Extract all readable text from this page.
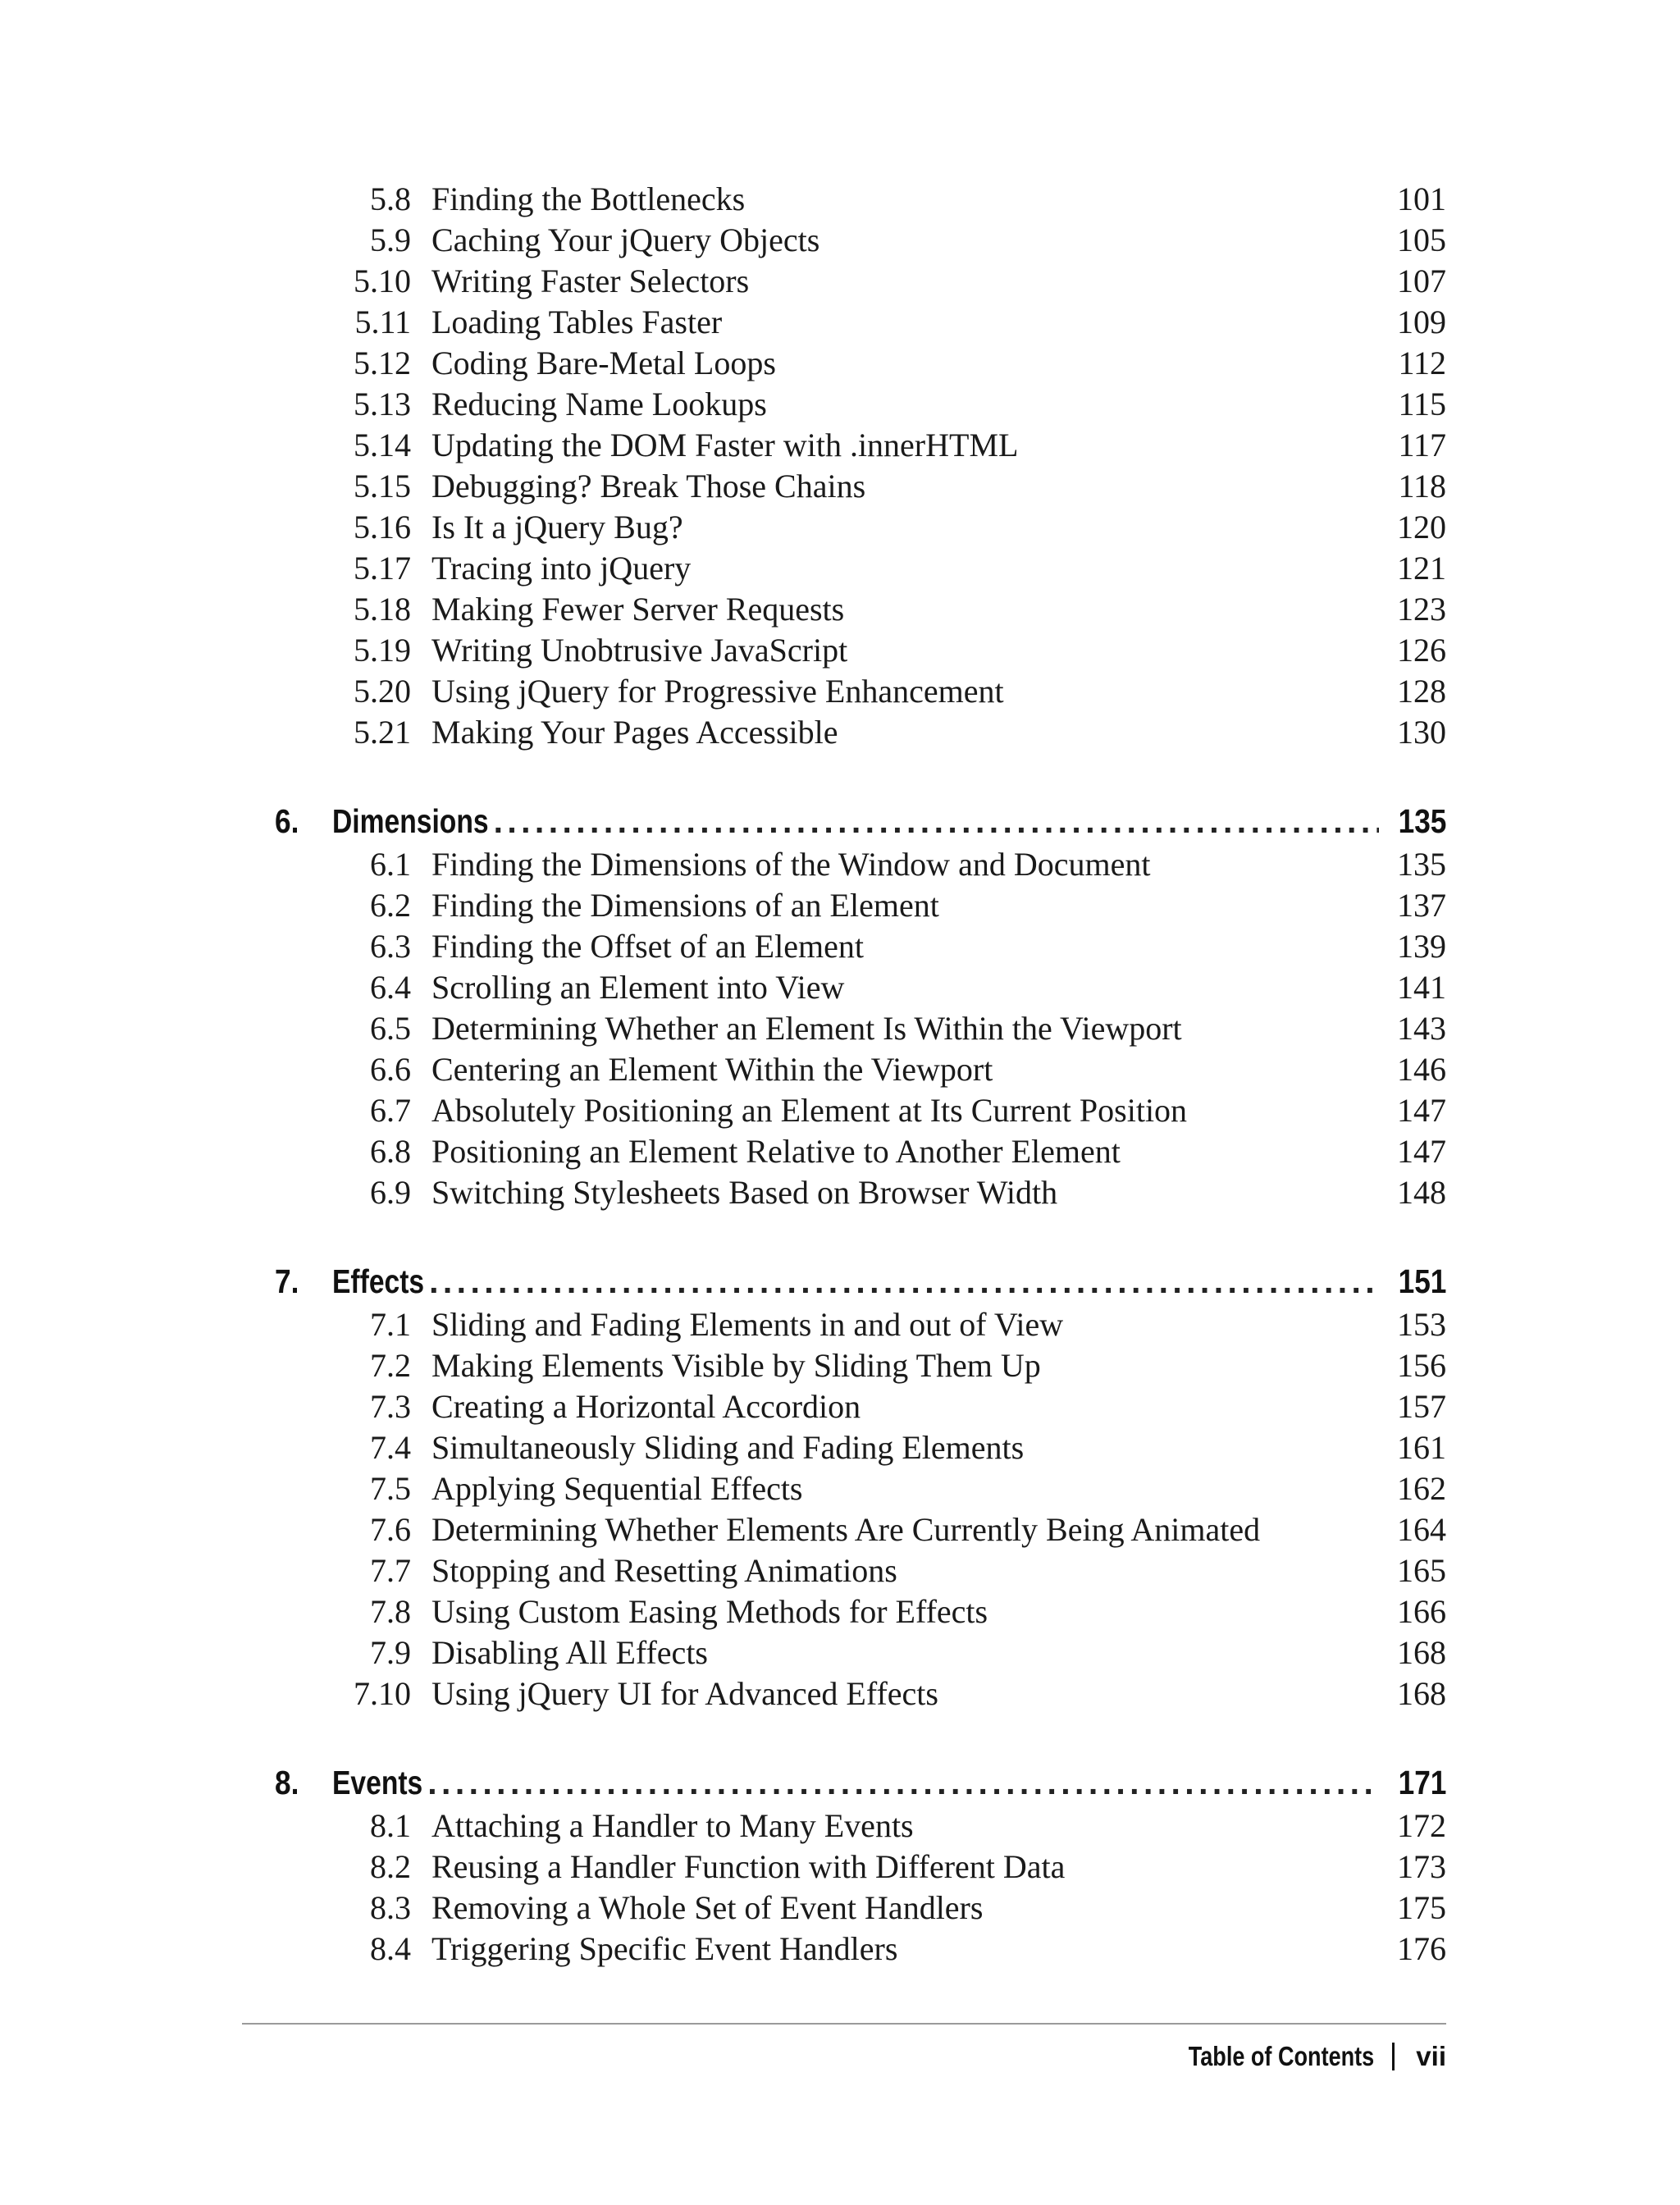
5.8 Finding the Bottlenecks	101
5.9 Caching Your jQuery Objects	105
5.10 Writing Faster Selectors	107
5.11 Loading Tables Faster	109
5.12 Coding Bare-Metal Loops	112
5.13 Reducing Name Lookups	115
5.14 Updating the DOM Faster with .innerHTML	117
5.15 Debugging? Break Those Chains	118
5.16 Is It a jQuery Bug?	120
5.17 Tracing into jQuery	121
5.18 Making Fewer Server Requests	123
5.19 Writing Unobtrusive JavaScript	126
5.20 Using jQuery for Progressive Enhancement	128
5.21 Making Your Pages Accessible	130
6. Dimensions . . .	135
6.1 Finding the Dimensions of the Window and Document	135
6.2 Finding the Dimensions of an Element	137
6.3 Finding the Offset of an Element	139
6.4 Scrolling an Element into View	141
6.5 Determining Whether an Element Is Within the Viewport	143
6.6 Centering an Element Within the Viewport	146
6.7 Absolutely Positioning an Element at Its Current Position	147
6.8 Positioning an Element Relative to Another Element	147
6.9 Switching Stylesheets Based on Browser Width	148
7. Effects . . .	151
7.1 Sliding and Fading Elements in and out of View	153
7.2 Making Elements Visible by Sliding Them Up	156
7.3 Creating a Horizontal Accordion	157
7.4 Simultaneously Sliding and Fading Elements	161
7.5 Applying Sequential Effects	162
7.6 Determining Whether Elements Are Currently Being Animated	164
7.7 Stopping and Resetting Animations	165
7.8 Using Custom Easing Methods for Effects	166
7.9 Disabling All Effects	168
7.10 Using jQuery UI for Advanced Effects	168
8. Events . . .	171
8.1 Attaching a Handler to Many Events	172
8.2 Reusing a Handler Function with Different Data	173
8.3 Removing a Whole Set of Event Handlers	175
8.4 Triggering Specific Event Handlers	176
Table of Contents vii
